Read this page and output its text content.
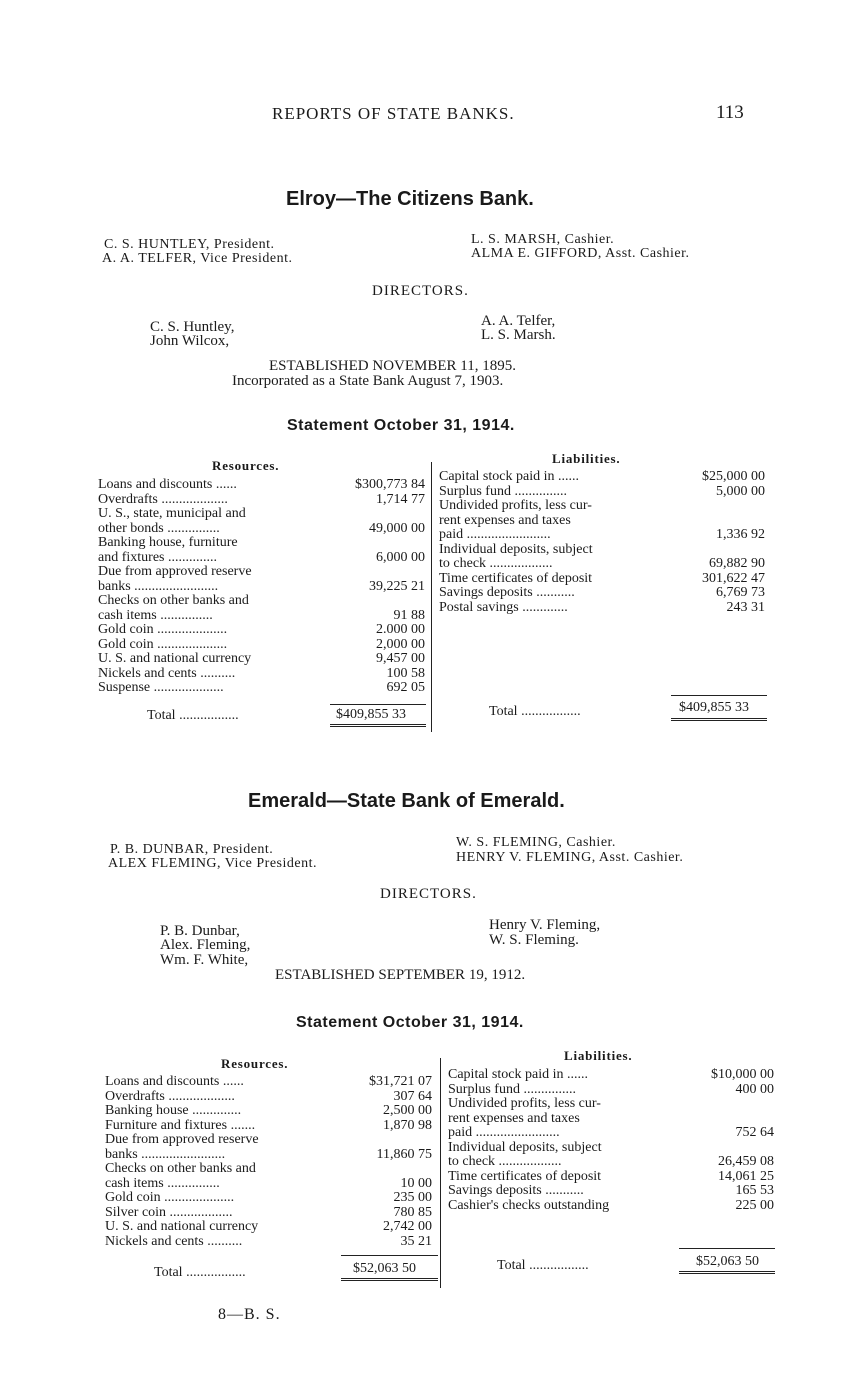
REPORTS OF STATE BANKS.	113
Elroy—The Citizens Bank.
C. S. HUNTLEY, President.
A. A. TELFER, Vice President.
L. S. MARSH, Cashier.
ALMA E. GIFFORD, Asst. Cashier.
DIRECTORS.
C. S. Huntley,
John Wilcox,
A. A. Telfer,
L. S. Marsh.
ESTABLISHED NOVEMBER 11, 1895.
Incorporated as a State Bank August 7, 1903.
Statement October 31, 1914.
Resources.	Liabilities.
Loans and discounts ......	$300,773 84
Overdrafts ...................	1,714 77
U. S., state, municipal and
other bonds ...............	49,000 00
Banking house, furniture
and fixtures ..............	6,000 00
Due from approved reserve
banks ........................	39,225 21
Checks on other banks and
cash items ...............	91 88
Gold coin ....................	2.000 00
Gold coin ....................	2,000 00
U. S. and national currency	9,457 00
Nickels and cents ..........	100 58
Suspense ....................	692 05
Capital stock paid in ......	$25,000 00
Surplus fund ...............	5,000 00
Undivided profits, less cur-
rent expenses and taxes
paid ........................	1,336 92
Individual deposits, subject
to check ..................	69,882 90
Time certificates of deposit	301,622 47
Savings deposits ...........	6,769 73
Postal savings .............	243 31
Total .................	$409,855 33	Total .................	$409,855 33
Emerald—State Bank of Emerald.
P. B. DUNBAR, President.
ALEX FLEMING, Vice President.
W. S. FLEMING, Cashier.
HENRY V. FLEMING, Asst. Cashier.
DIRECTORS.
P. B. Dunbar,
Alex. Fleming,
Wm. F. White,
Henry V. Fleming,
W. S. Fleming.
ESTABLISHED SEPTEMBER 19, 1912.
Statement October 31, 1914.
Resources.
Liabilities.
Loans and discounts ......	$31,721 07
Overdrafts ...................	307 64
Banking house ..............	2,500 00
Furniture and fixtures .......	1,870 98
Due from approved reserve
banks ........................	11,860 75
Checks on other banks and
cash items ...............	10 00
Gold coin ....................	235 00
Silver coin ..................	780 85
U. S. and national currency	2,742 00
Nickels and cents ..........	35 21
Capital stock paid in ......	$10,000 00
Surplus fund ...............	400 00
Undivided profits, less cur-
rent expenses and taxes
paid ........................	752 64
Individual deposits, subject
to check ..................	26,459 08
Time certificates of deposit	14,061 25
Savings deposits ...........	165 53
Cashier's checks outstanding	225 00
Total .................	$52,063 50	Total .................	$52,063 50
8—B. S.
